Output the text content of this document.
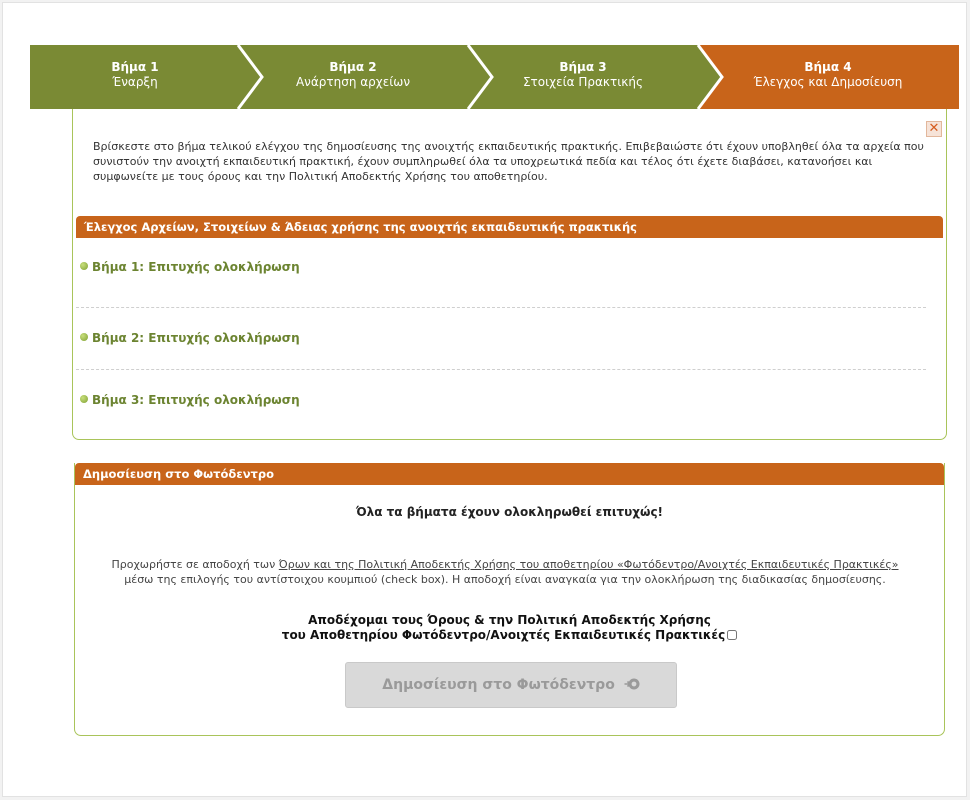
Βήμα 1
Έναρξη
Βήμα 2
Ανάρτηση αρχείων
Βήμα 3
Στοιχεία Πρακτικής
Βήμα 4
Έλεγχος και Δημοσίευση
✕
Βρίσκεστε στο βήμα τελικού ελέγχου της δημοσίευσης της ανοιχτής εκπαιδευτικής πρακτικής. Επιβεβαιώστε ότι έχουν υποβληθεί όλα τα αρχεία που συνιστούν την ανοιχτή εκπαιδευτική πρακτική, έχουν συμπληρωθεί όλα τα υποχρεωτικά πεδία και τέλος ότι έχετε διαβάσει, κατανοήσει και συμφωνείτε με τους όρους και την Πολιτική Αποδεκτής Χρήσης του αποθετηρίου.
Έλεγχος Αρχείων, Στοιχείων & Άδειας χρήσης της ανοιχτής εκπαιδευτικής πρακτικής
Βήμα 1: Επιτυχής ολοκλήρωση
Βήμα 2: Επιτυχής ολοκλήρωση
Βήμα 3: Επιτυχής ολοκλήρωση
Δημοσίευση στο Φωτόδεντρο
Όλα τα βήματα έχουν ολοκληρωθεί επιτυχώς!
Προχωρήστε σε αποδοχή των Όρων και της Πολιτική Αποδεκτής Χρήσης του αποθετηρίου «Φωτόδεντρο/Ανοιχτές Εκπαιδευτικές Πρακτικές» μέσω της επιλογής του αντίστοιχου κουμπιού (check box). Η αποδοχή είναι αναγκαία για την ολοκλήρωση της διαδικασίας δημοσίευσης.
Αποδέχομαι τους Όρους & την Πολιτική Αποδεκτής Χρήσης
του Αποθετηρίου Φωτόδεντρο/Ανοιχτές Εκπαιδευτικές Πρακτικές
Δημοσίευση στο Φωτόδεντρο
